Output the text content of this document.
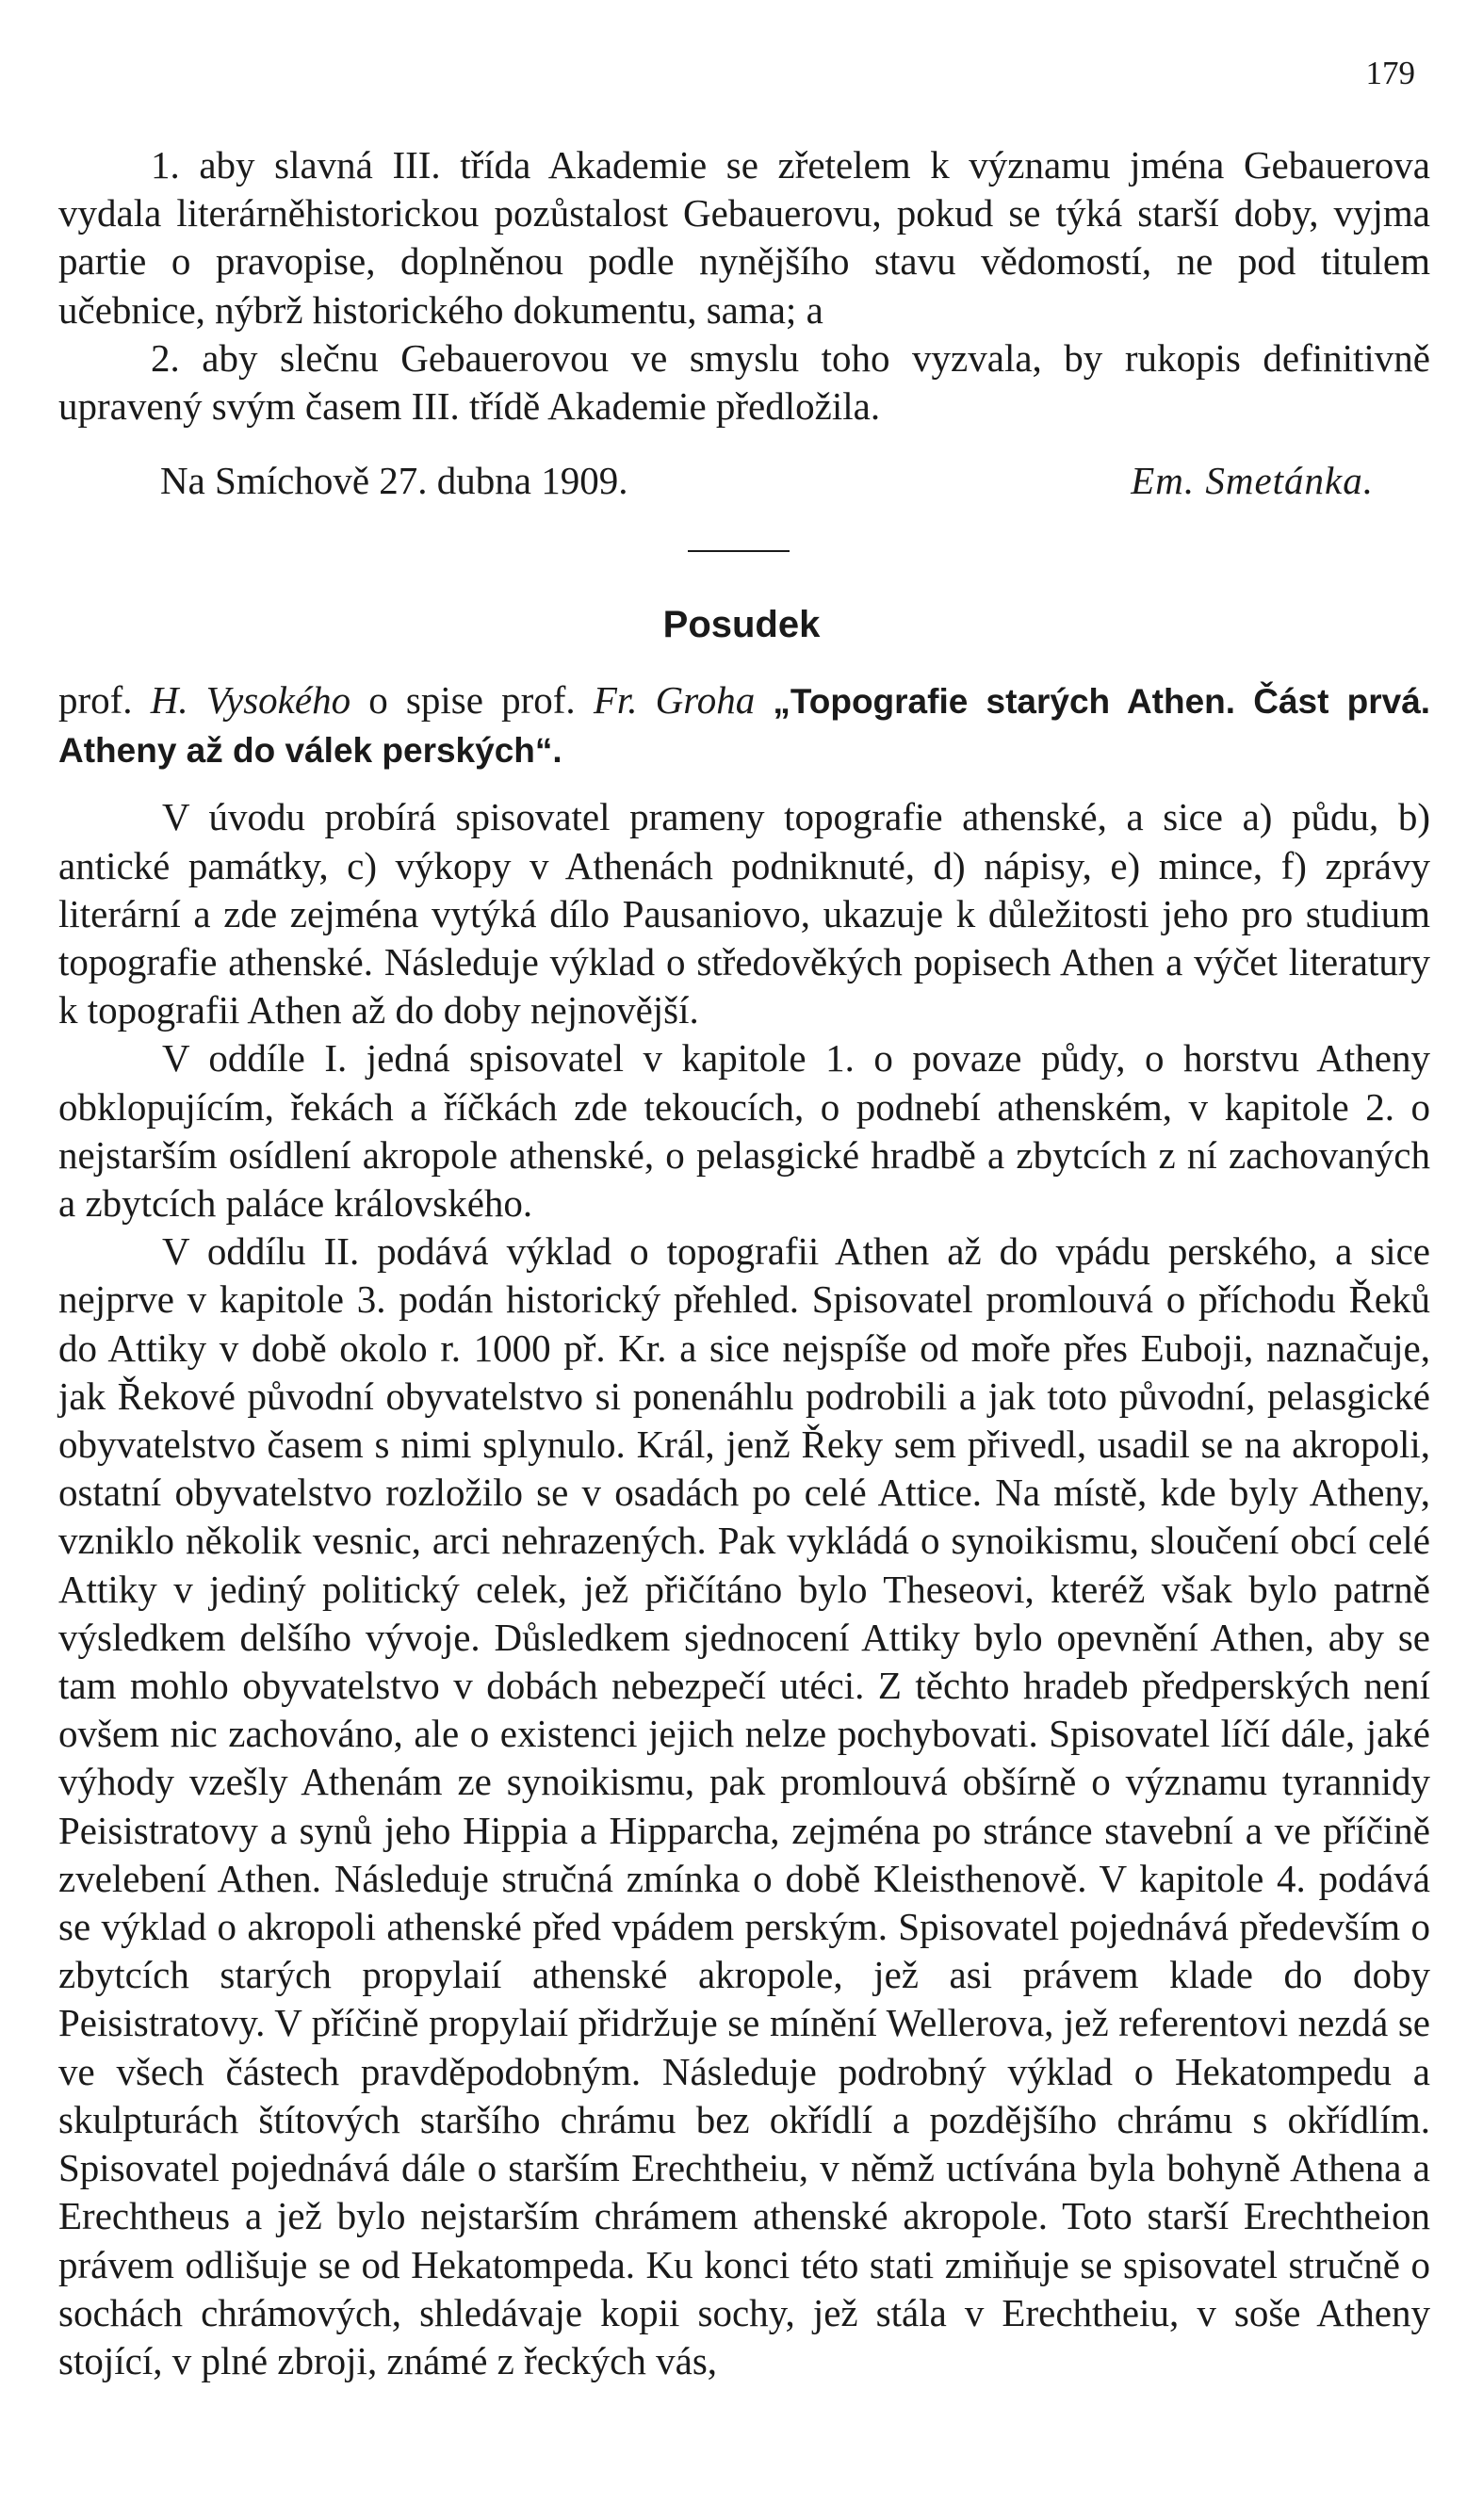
179

1. aby slavná III. třída Akademie se zřetelem k významu jména Gebauerova vydala literárněhistorickou pozůstalost Gebauerovu, pokud se týká starší doby, vyjma partie o pravopise, doplněnou podle nynějšího stavu vědomostí, ne pod titulem učebnice, nýbrž historického dokumentu, sama; a

2. aby slečnu Gebauerovou ve smyslu toho vyzvala, by rukopis definitivně upravený svým časem III. třídě Akademie předložila.

Na Smíchově 27. dubna 1909.	Em. Smetánka.
Posudek

prof. H. Vysokého o spise prof. Fr. Groha „Topografie starých Athen. Část prvá. Atheny až do válek perských“.

V úvodu probírá spisovatel prameny topografie athenské, a sice a) půdu, b) antické památky, c) výkopy v Athenách podniknuté, d) nápisy, e) mince, f) zprávy literární a zde zejména vytýká dílo Pausaniovo, ukazuje k důležitosti jeho pro studium topografie athenské. Následuje výklad o středověkých popisech Athen a výčet literatury k topografii Athen až do doby nejnovější.

V oddíle I. jedná spisovatel v kapitole 1. o povaze půdy, o horstvu Atheny obklopujícím, řekách a říčkách zde tekoucích, o podnebí athenském, v kapitole 2. o nejstarším osídlení akropole athenské, o pelasgické hradbě a zbytcích z ní zachovaných a zbytcích paláce královského.

V oddílu II. podává výklad o topografii Athen až do vpádu perského, a sice nejprve v kapitole 3. podán historický přehled. Spisovatel promlouvá o příchodu Řeků do Attiky v době okolo r. 1000 př. Kr. a sice nejspíše od moře přes Euboji, naznačuje, jak Řekové původní obyvatelstvo si ponenáhlu podrobili a jak toto původní, pelasgické obyvatelstvo časem s nimi splynulo. Král, jenž Řeky sem přivedl, usadil se na akropoli, ostatní obyvatelstvo rozložilo se v osadách po celé Attice. Na místě, kde byly Atheny, vzniklo několik vesnic, arci nehrazených. Pak vykládá o synoikismu, sloučení obcí celé Attiky v jediný politický celek, jež přičítáno bylo Theseovi, kteréž však bylo patrně výsledkem delšího vývoje. Důsledkem sjednocení Attiky bylo opevnění Athen, aby se tam mohlo obyvatelstvo v dobách nebezpečí utéci. Z těchto hradeb předperských není ovšem nic zachováno, ale o existenci jejich nelze pochybovati. Spisovatel líčí dále, jaké výhody vzešly Athenám ze synoikismu, pak promlouvá obšírně o významu tyrannidy Peisistratovy a synů jeho Hippia a Hipparcha, zejména po stránce stavební a ve příčině zvelebení Athen. Následuje stručná zmínka o době Kleisthenově. V kapitole 4. podává se výklad o akropoli athenské před vpádem perským. Spisovatel pojednává především o zbytcích starých propylaií athenské akropole, jež asi právem klade do doby Peisistratovy. V příčině propylaií přidržuje se mínění Wellerova, jež referentovi nezdá se ve všech částech pravděpodobným. Následuje podrobný výklad o Hekatompedu a skulpturách štítových staršího chrámu bez okřídlí a pozdějšího chrámu s okřídlím. Spisovatel pojednává dále o starším Erechtheiu, v němž uctívána byla bohyně Athena a Erechtheus a jež bylo nejstarším chrámem athenské akropole. Toto starší Erechtheion právem odlišuje se od Hekatompeda. Ku konci této stati zmiňuje se spisovatel stručně o sochách chrámových, shledávaje kopii sochy, jež stála v Erechtheiu, v soše Atheny stojící, v plné zbroji, známé z řeckých vás,
